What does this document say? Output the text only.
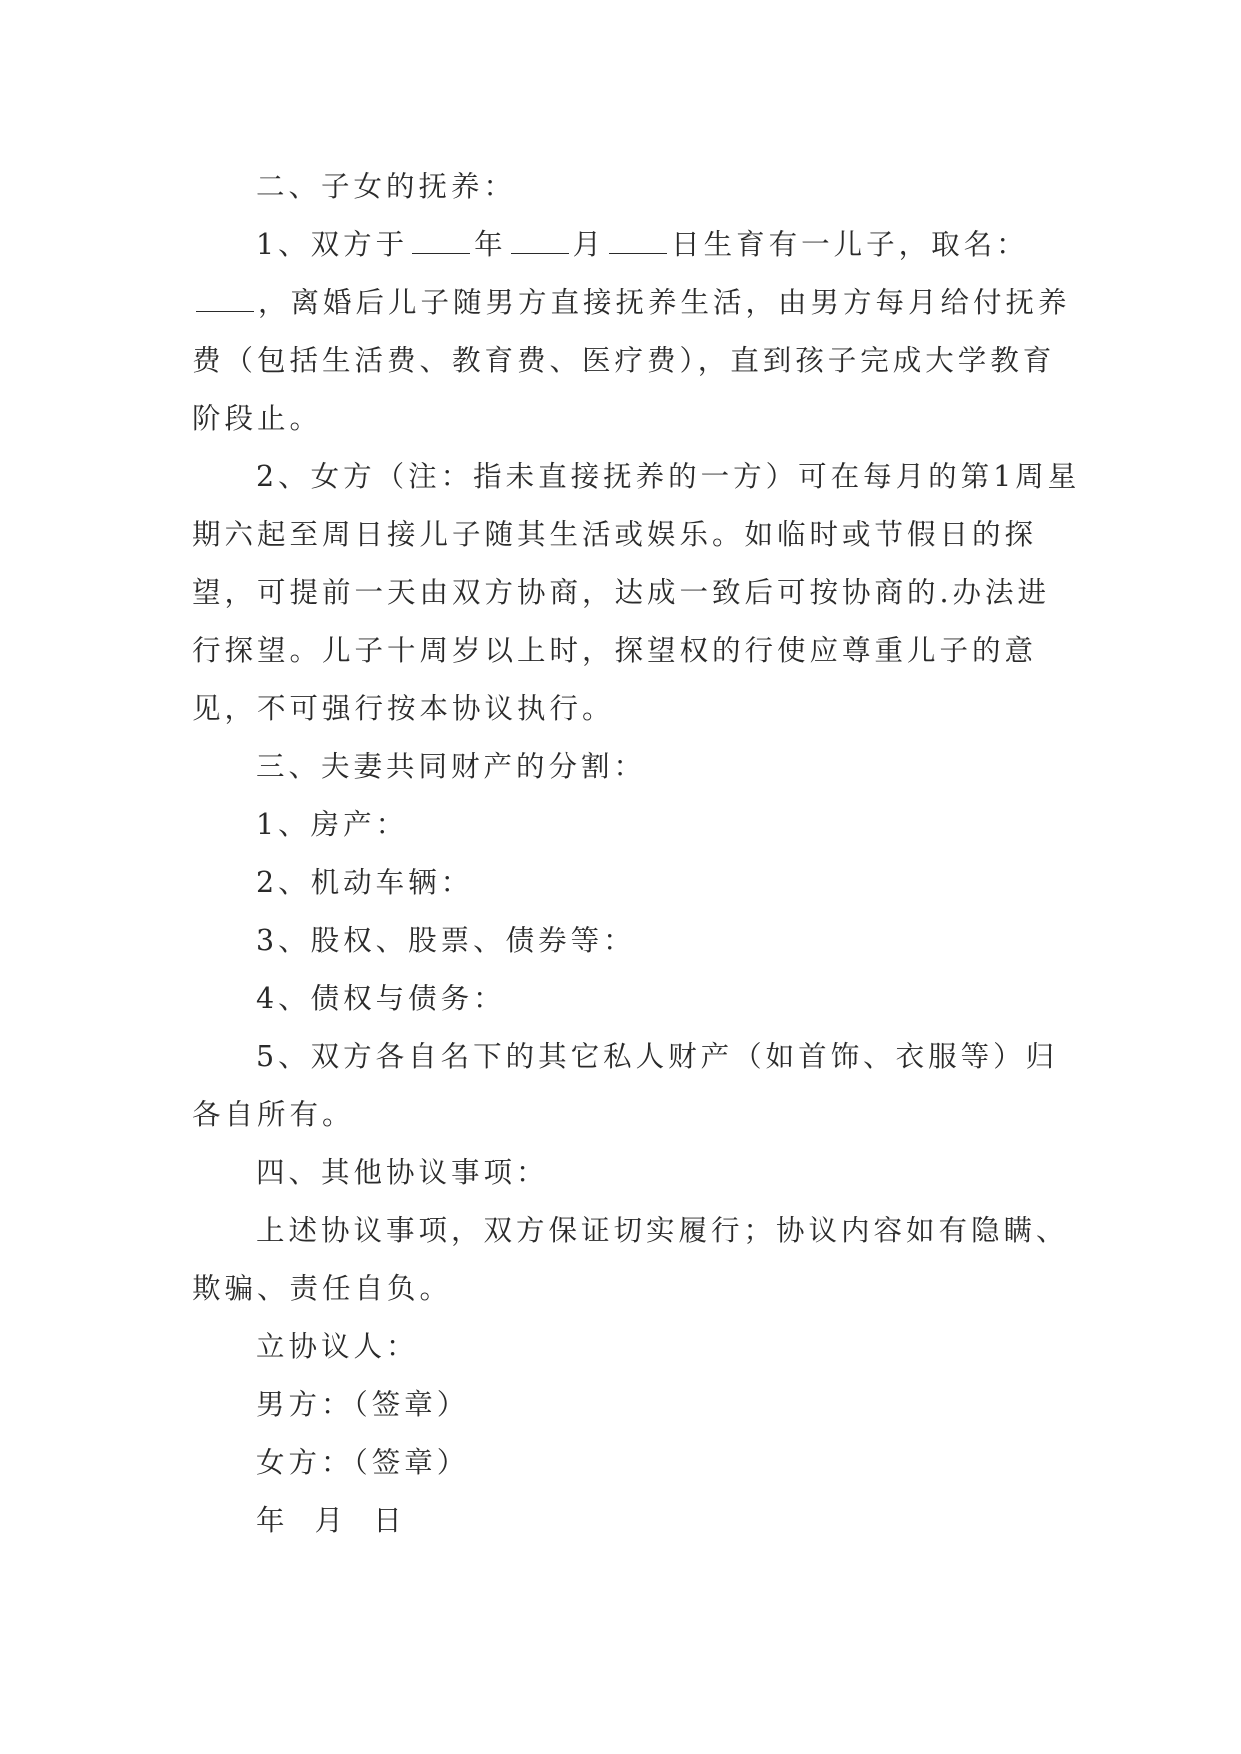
二、子女的抚养：

1、双方于 年 月 日生育有一儿子，取名：，离婚后儿子随男方直接抚养生活，由男方每月给付抚养费（包括生活费、教育费、医疗费），直到孩子完成大学教育阶段止。

2、女方（注：指未直接抚养的一方）可在每月的第1周星期六起至周日接儿子随其生活或娱乐。如临时或节假日的探望，可提前一天由双方协商，达成一致后可按协商的.办法进行探望。儿子十周岁以上时，探望权的行使应尊重儿子的意见，不可强行按本协议执行。

三、夫妻共同财产的分割：

1、房产：

2、机动车辆：

3、股权、股票、债券等：

4、债权与债务：

5、双方各自名下的其它私人财产（如首饰、衣服等）归各自所有。

四、其他协议事项：

上述协议事项，双方保证切实履行；协议内容如有隐瞒、欺骗、责任自负。

立协议人：

男方：（签章）

女方：（签章）

年  月  日
